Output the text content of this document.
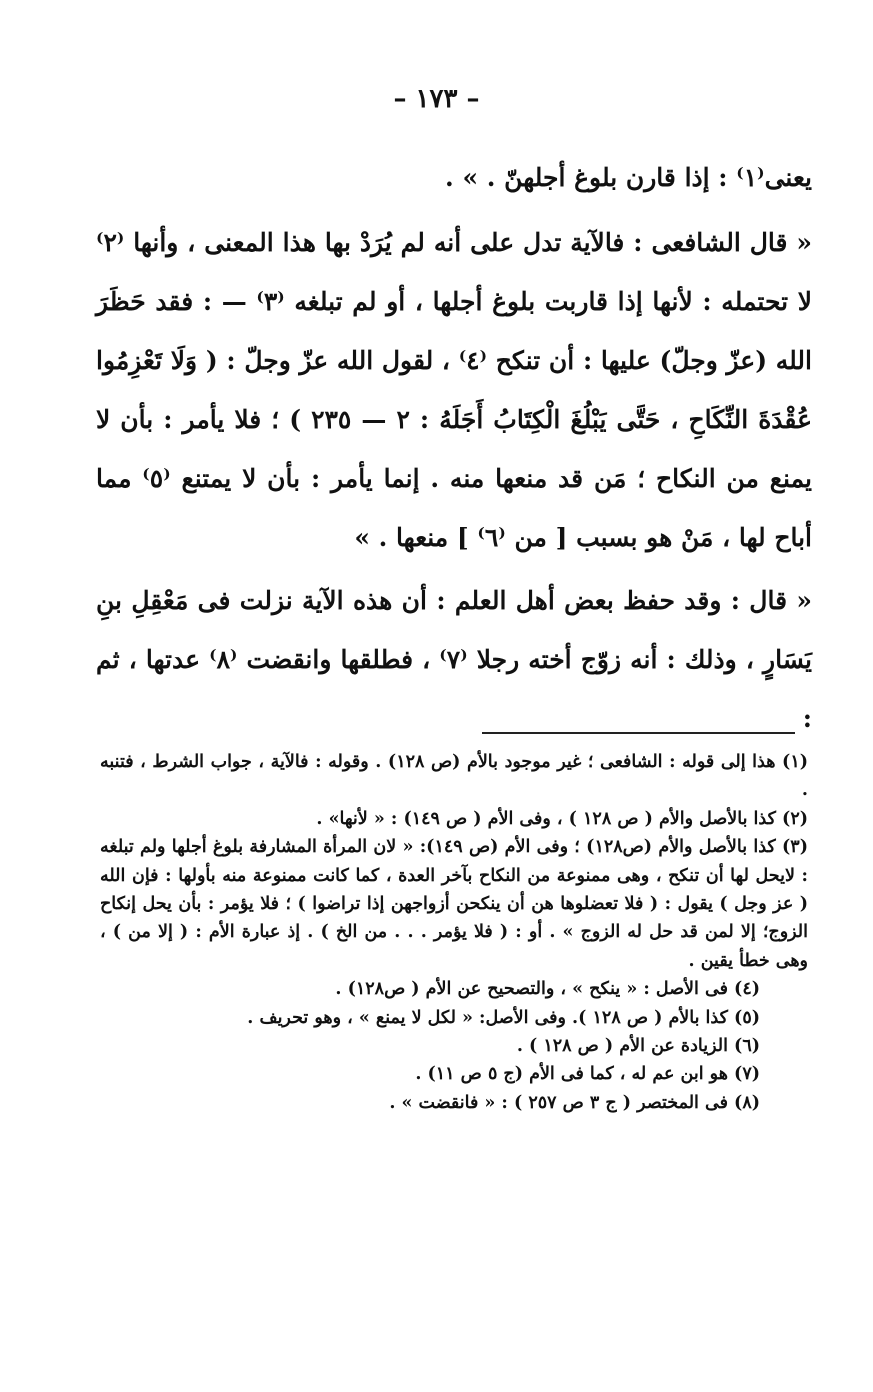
– ١٧٣ –

يعنى⁽١⁾ : إذا قارن بلوغ أجلهنّ . » .

« قال الشافعى : فالآية تدل على أنه لم يُرَدْ بها هذا المعنى ، وأنها ⁽٢⁾ لا تحتمله : لأنها إذا قاربت بلوغ أجلها ، أو لم تبلغه ⁽٣⁾ — : فقد حَظَرَ الله (عزّ وجلّ) عليها : أن تنكح ⁽٤⁾ ، لقول الله عزّ وجلّ : ( وَلَا تَعْزِمُوا عُقْدَةَ النِّكَاحِ ، حَتَّى يَبْلُغَ الْكِتَابُ أَجَلَهُ : ٢ — ٢٣٥ ) ؛ فلا يأمر : بأن لا يمنع من النكاح ؛ مَن قد منعها منه . إنما يأمر : بأن لا يمتنع ⁽٥⁾ مما أباح لها ، مَنْ هو بسبب [ من ⁽٦⁾ ] منعها . »

« قال : وقد حفظ بعض أهل العلم : أن هذه الآية نزلت فى مَعْقِلِ بنِ يَسَارٍ ، وذلك : أنه زوّج أخته رجلا ⁽٧⁾ ، فطلقها وانقضت ⁽٨⁾ عدتها ، ثم :

(١) هذا إلى قوله : الشافعى ؛ غير موجود بالأم (ص ١٢٨) . وقوله : فالآية ، جواب الشرط ، فتنبه .

(٢) كذا بالأصل والأم ( ص ١٢٨ ) ، وفى الأم ( ص ١٤٩) : « لأنها» .

(٣) كذا بالأصل والأم (ص١٢٨) ؛ وفى الأم (ص ١٤٩): « لان المرأة المشارفة بلوغ أجلها ولم تبلغه : لايحل لها أن تنكح ، وهى ممنوعة من النكاح بآخر العدة ، كما كانت ممنوعة منه بأولها : فإن الله ( عز وجل ) يقول : ( فلا تعضلوها هن أن ينكحن أزواجهن إذا تراضوا ) ؛ فلا يؤمر : بأن يحل إنكاح الزوج؛ إلا لمن قد حل له الزوج » . أو : ( فلا يؤمر . . . من الخ ) . إذ عبارة الأم : ( إلا من ) ، وهى خطأ يقين .

(٤) فى الأصل : « ينكح » ، والتصحيح عن الأم ( ص١٢٨) .

(٥) كذا بالأم ( ص ١٢٨ ). وفى الأصل: « لكل لا يمنع » ، وهو تحريف .

(٦) الزيادة عن الأم ( ص ١٢٨ ) .

(٧) هو ابن عم له ، كما فى الأم (ج ٥ ص ١١) .

(٨) فى المختصر ( ج ٣ ص ٢٥٧ ) : « فانقضت » .
